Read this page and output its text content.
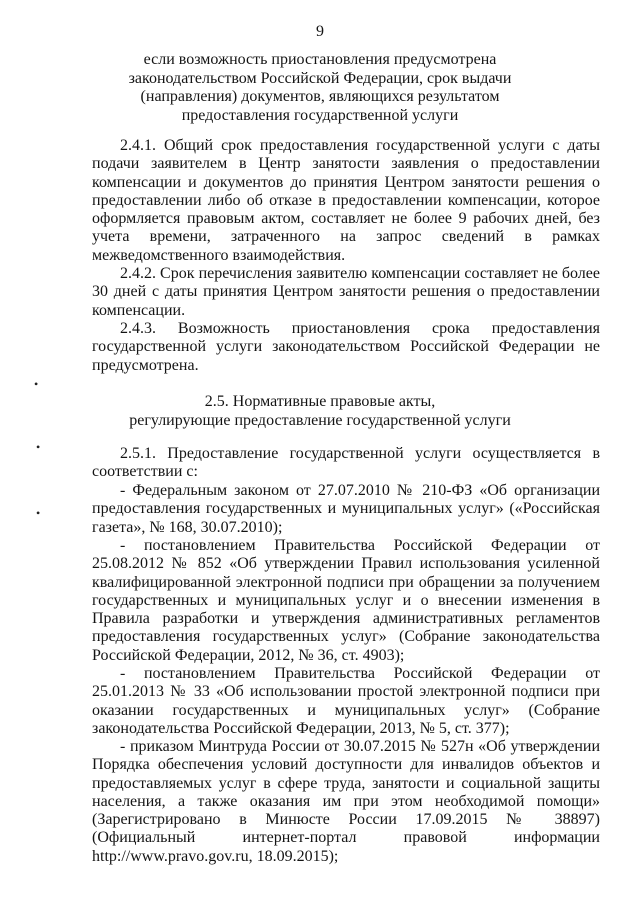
9
если возможность приостановления предусмотрена
законодательством Российской Федерации, срок выдачи
(направления) документов, являющихся результатом
предоставления государственной услуги

2.4.1. Общий срок предоставления государственной услуги с даты подачи заявителем в Центр занятости заявления о предоставлении компенсации и документов до принятия Центром занятости решения о предоставлении либо об отказе в предоставлении компенсации, которое оформляется правовым актом, составляет не более 9 рабочих дней, без учета времени, затраченного на запрос сведений в рамках межведомственного взаимодействия.

2.4.2. Срок перечисления заявителю компенсации составляет не более 30 дней с даты принятия Центром занятости решения о предоставлении компенсации.

2.4.3. Возможность приостановления срока предоставления государственной услуги законодательством Российской Федерации не предусмотрена.

2.5. Нормативные правовые акты,
регулирующие предоставление государственной услуги

2.5.1. Предоставление государственной услуги осуществляется в соответствии с:

- Федеральным законом от 27.07.2010 № 210-ФЗ «Об организации предоставления государственных и муниципальных услуг» («Российская газета», № 168, 30.07.2010);

- постановлением Правительства Российской Федерации от 25.08.2012 № 852 «Об утверждении Правил использования усиленной квалифицированной электронной подписи при обращении за получением государственных и муниципальных услуг и о внесении изменения в Правила разработки и утверждения административных регламентов предоставления государственных услуг» (Собрание законодательства Российской Федерации, 2012, № 36, ст. 4903);

- постановлением Правительства Российской Федерации от 25.01.2013 № 33 «Об использовании простой электронной подписи при оказании государственных и муниципальных услуг» (Собрание законодательства Российской Федерации, 2013, № 5, ст. 377);

- приказом Минтруда России от 30.07.2015 № 527н «Об утверждении Порядка обеспечения условий доступности для инвалидов объектов и предоставляемых услуг в сфере труда, занятости и социальной защиты населения, а также оказания им при этом необходимой помощи» (Зарегистрировано в Минюсте России 17.09.2015 № 38897) (Официальный интернет-портал правовой информации http://www.pravo.gov.ru, 18.09.2015);

•
•
•
